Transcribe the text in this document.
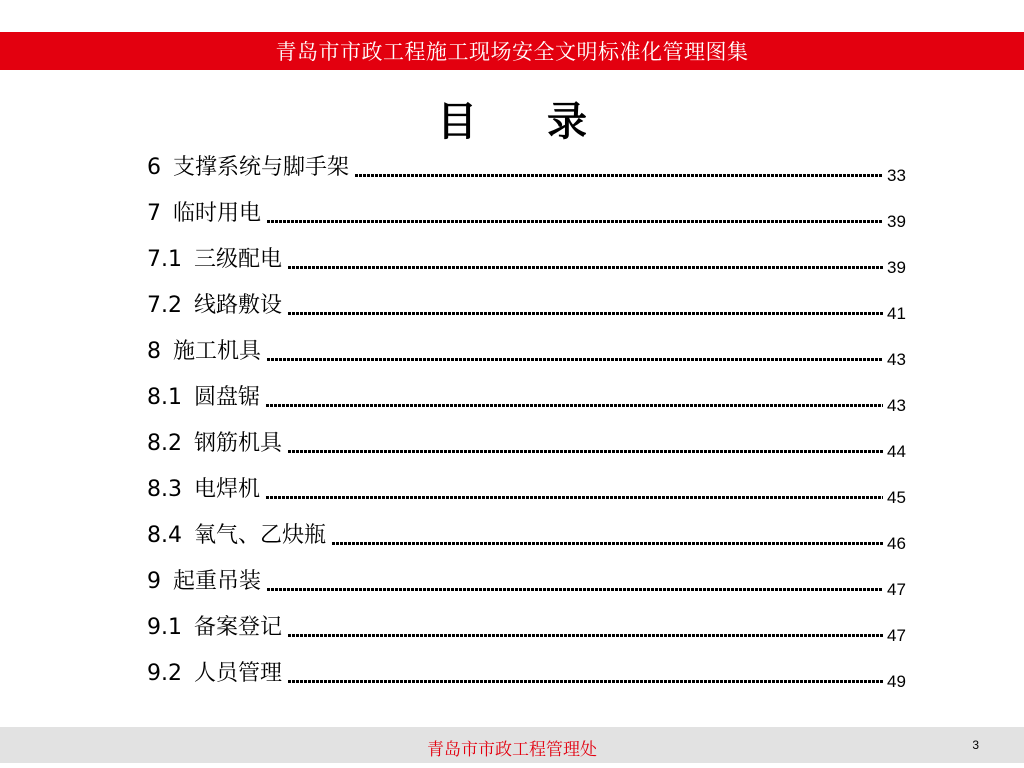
青岛市市政工程施工现场安全文明标准化管理图集
目 录
6 支撑系统与脚手架	33
7 临时用电	39
7.1 三级配电	39
7.2 线路敷设	41
8 施工机具	43
8.1 圆盘锯	43
8.2 钢筋机具	44
8.3 电焊机	45
8.4 氧气、乙炔瓶	46
9 起重吊装	47
9.1 备案登记	47
9.2 人员管理	49
青岛市市政工程管理处	3
